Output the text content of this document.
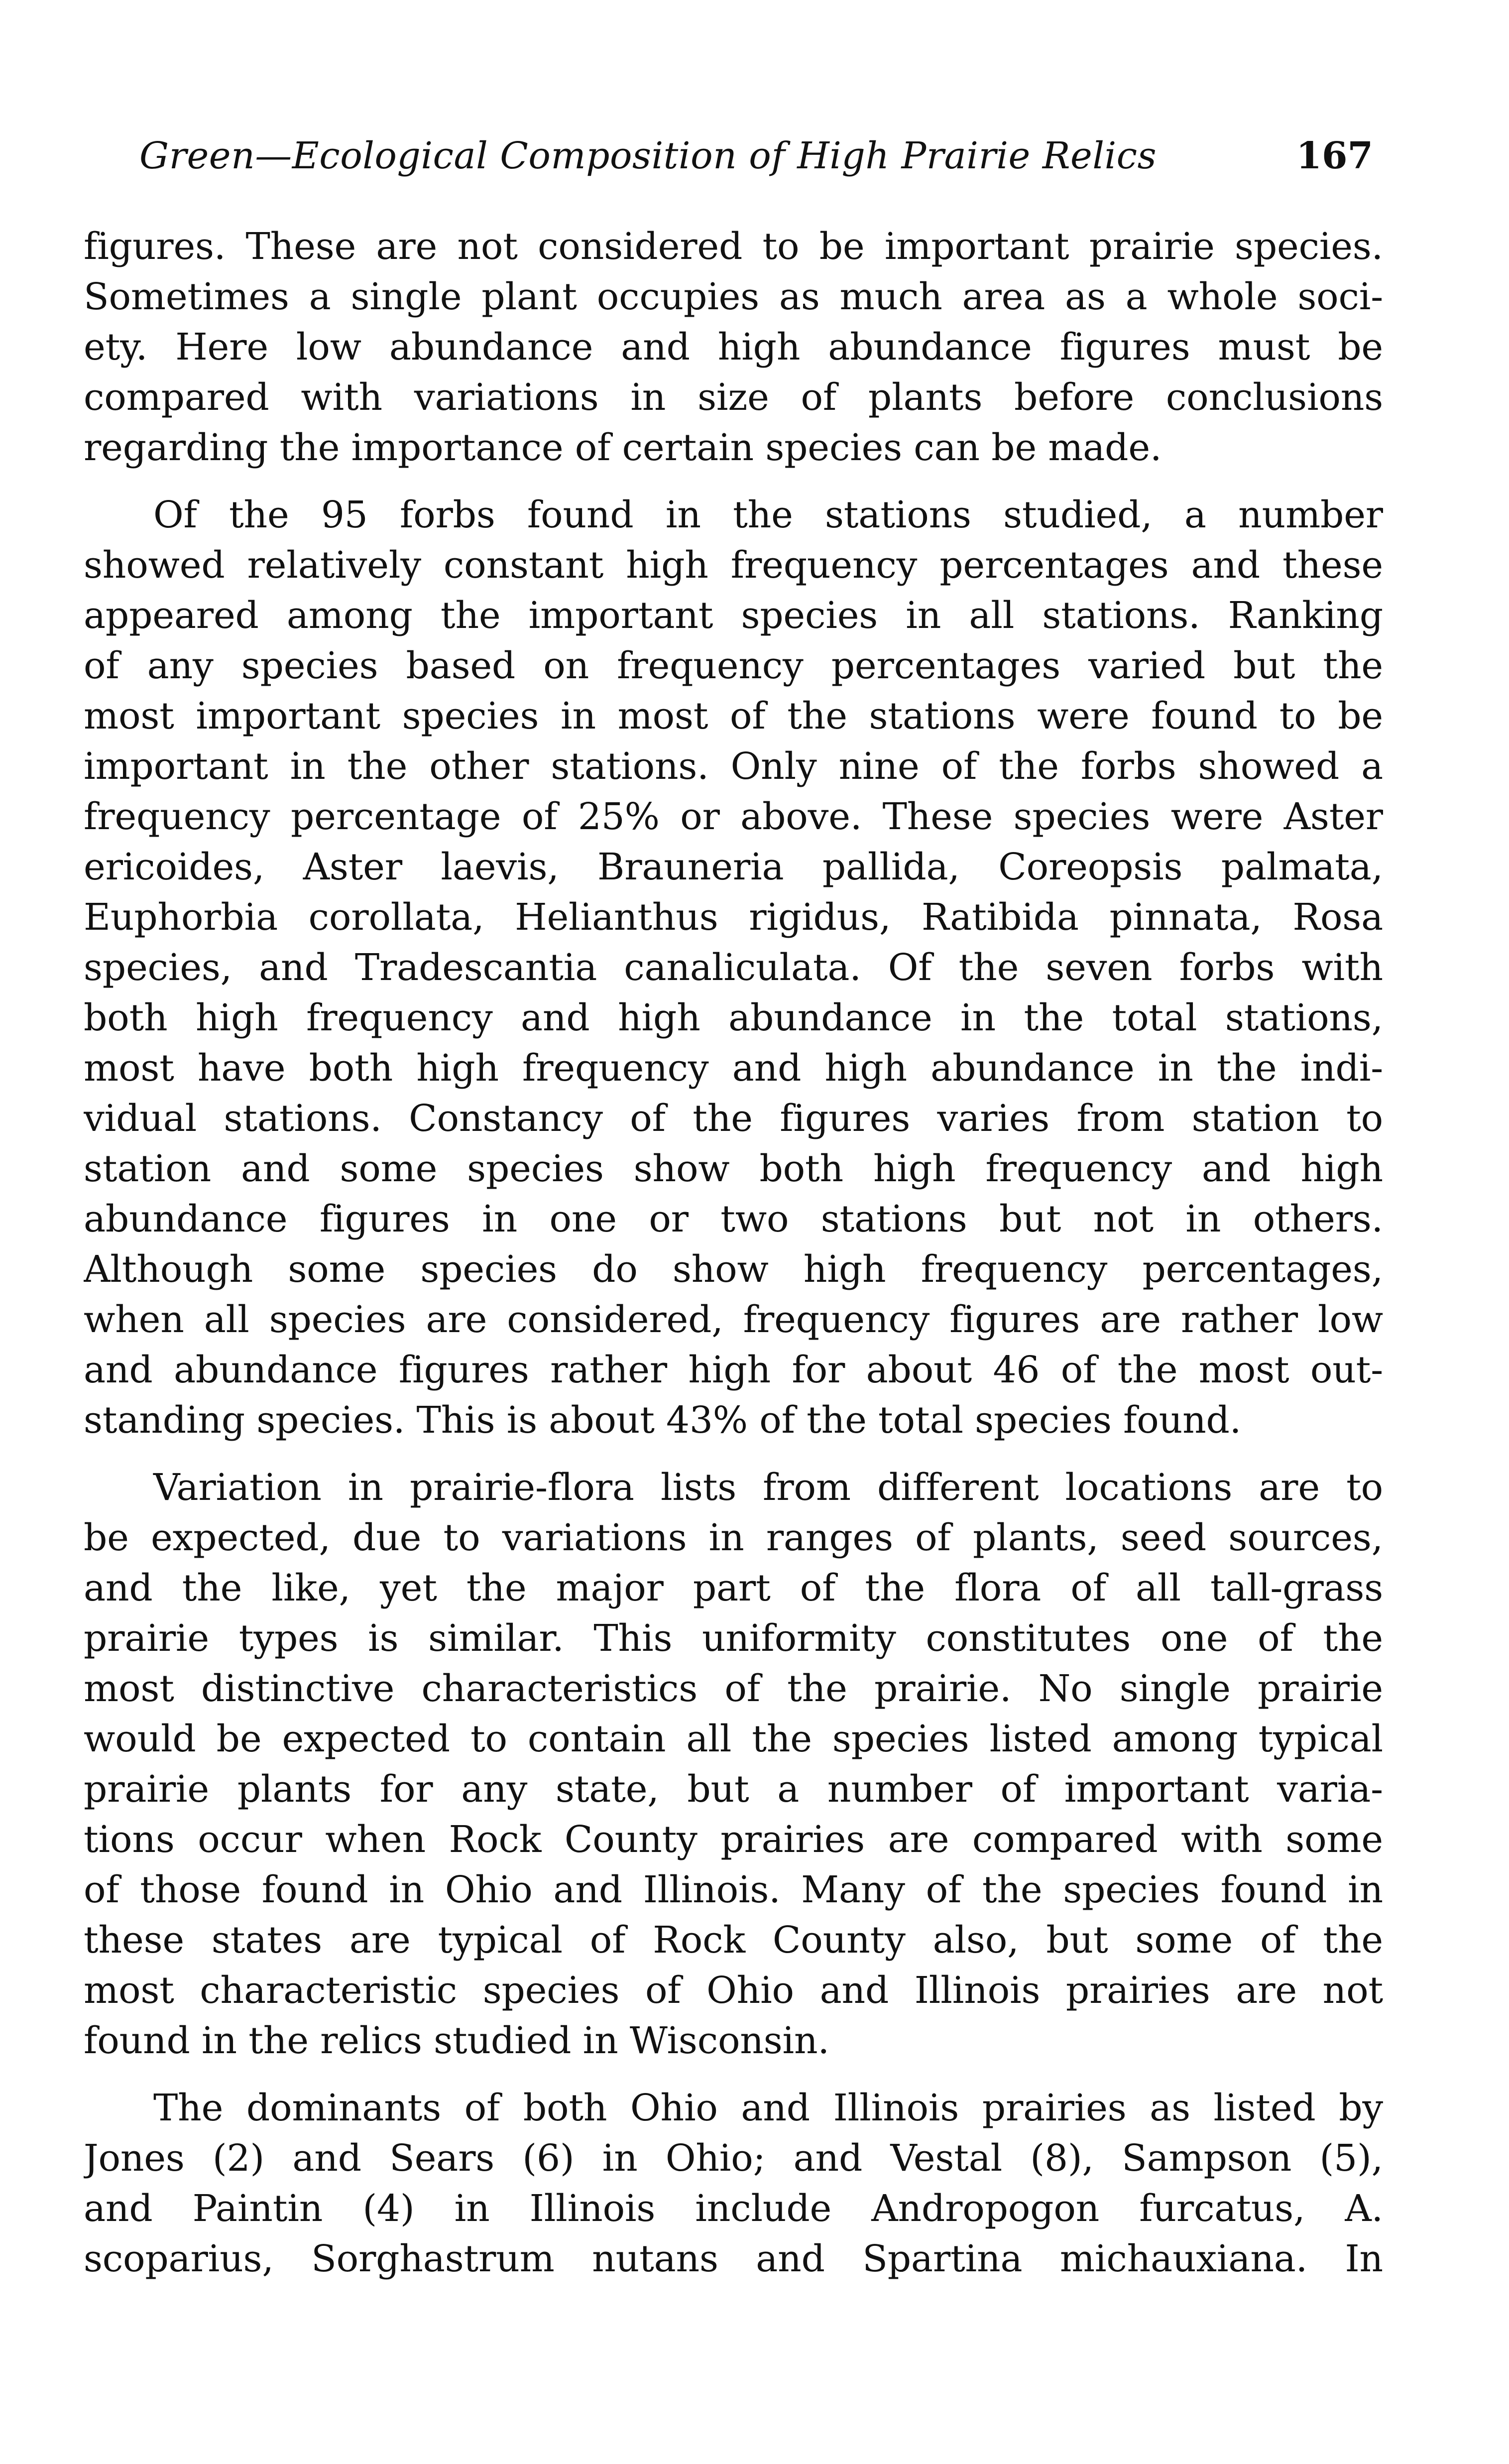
Green—Ecological Composition of High Prairie Relics	167
figures. These are not considered to be important prairie species.
Sometimes a single plant occupies as much area as a whole soci-
ety. Here low abundance and high abundance figures must be
compared with variations in size of plants before conclusions
regarding the importance of certain species can be made.
Of the 95 forbs found in the stations studied, a number
showed relatively constant high frequency percentages and these
appeared among the important species in all stations. Ranking
of any species based on frequency percentages varied but the
most important species in most of the stations were found to be
important in the other stations. Only nine of the forbs showed a
frequency percentage of 25% or above. These species were Aster
ericoides, Aster laevis, Brauneria pallida, Coreopsis palmata,
Euphorbia corollata, Helianthus rigidus, Ratibida pinnata, Rosa
species, and Tradescantia canaliculata. Of the seven forbs with
both high frequency and high abundance in the total stations,
most have both high frequency and high abundance in the indi-
vidual stations. Constancy of the figures varies from station to
station and some species show both high frequency and high
abundance figures in one or two stations but not in others.
Although some species do show high frequency percentages,
when all species are considered, frequency figures are rather low
and abundance figures rather high for about 46 of the most out-
standing species. This is about 43% of the total species found.
Variation in prairie-flora lists from different locations are to
be expected, due to variations in ranges of plants, seed sources,
and the like, yet the major part of the flora of all tall-grass
prairie types is similar. This uniformity constitutes one of the
most distinctive characteristics of the prairie. No single prairie
would be expected to contain all the species listed among typical
prairie plants for any state, but a number of important varia-
tions occur when Rock County prairies are compared with some
of those found in Ohio and Illinois. Many of the species found in
these states are typical of Rock County also, but some of the
most characteristic species of Ohio and Illinois prairies are not
found in the relics studied in Wisconsin.
The dominants of both Ohio and Illinois prairies as listed by
Jones (2) and Sears (6) in Ohio; and Vestal (8), Sampson (5),
and Paintin (4) in Illinois include Andropogon furcatus, A.
scoparius, Sorghastrum nutans and Spartina michauxiana. In
